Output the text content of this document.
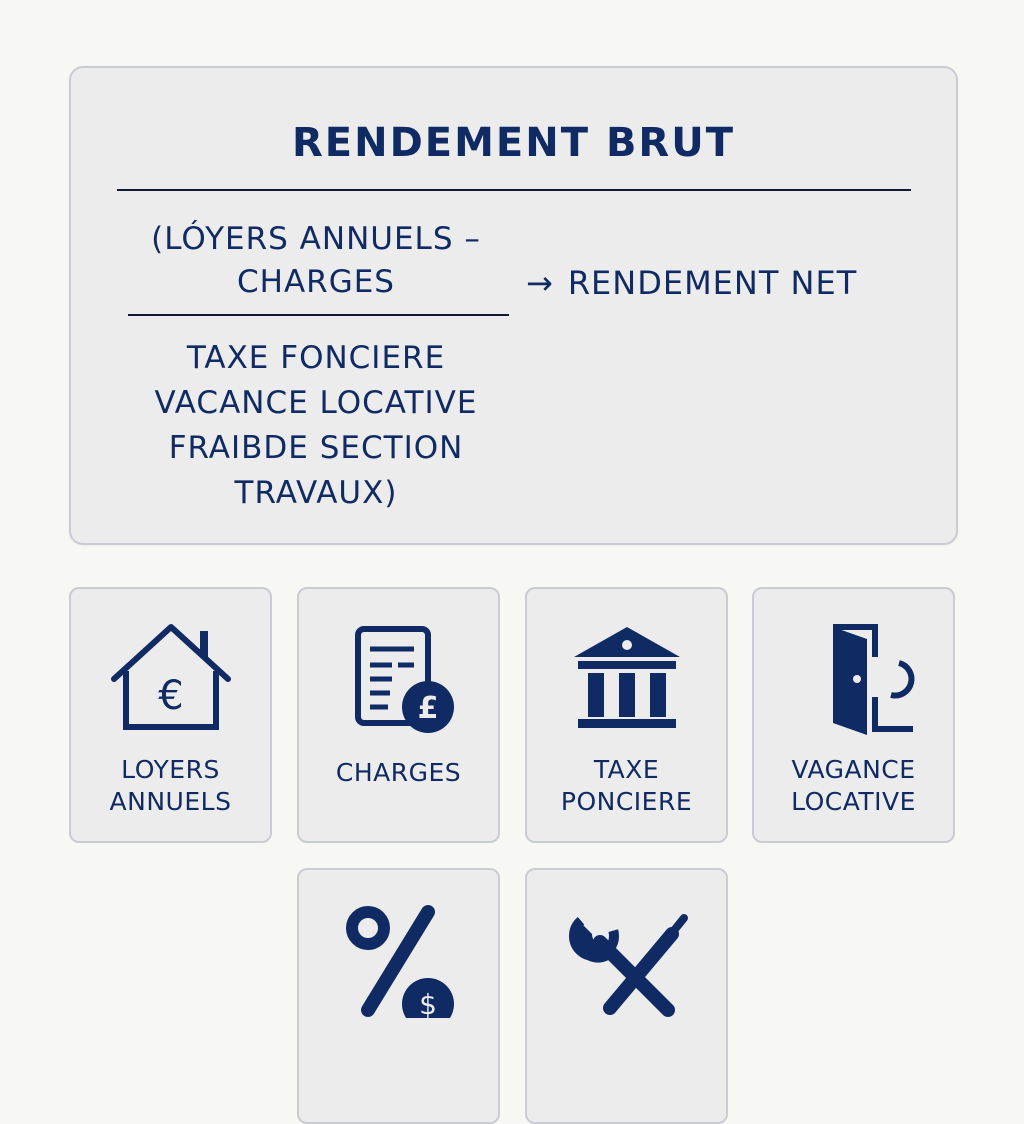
RENDEMENT BRUT
(LÓYERS ANNUELS –
CHARGES
TAXE FONCIERE
VACANCE LOCATIVE
FRAIBDE SECTION
TRAVAUX)
→ RENDEMENT NET
€
LOYERS
ANNUELS
£
CHARGES	TAXE
PONCIERE
VAGANCE
LOCATIVE
$
